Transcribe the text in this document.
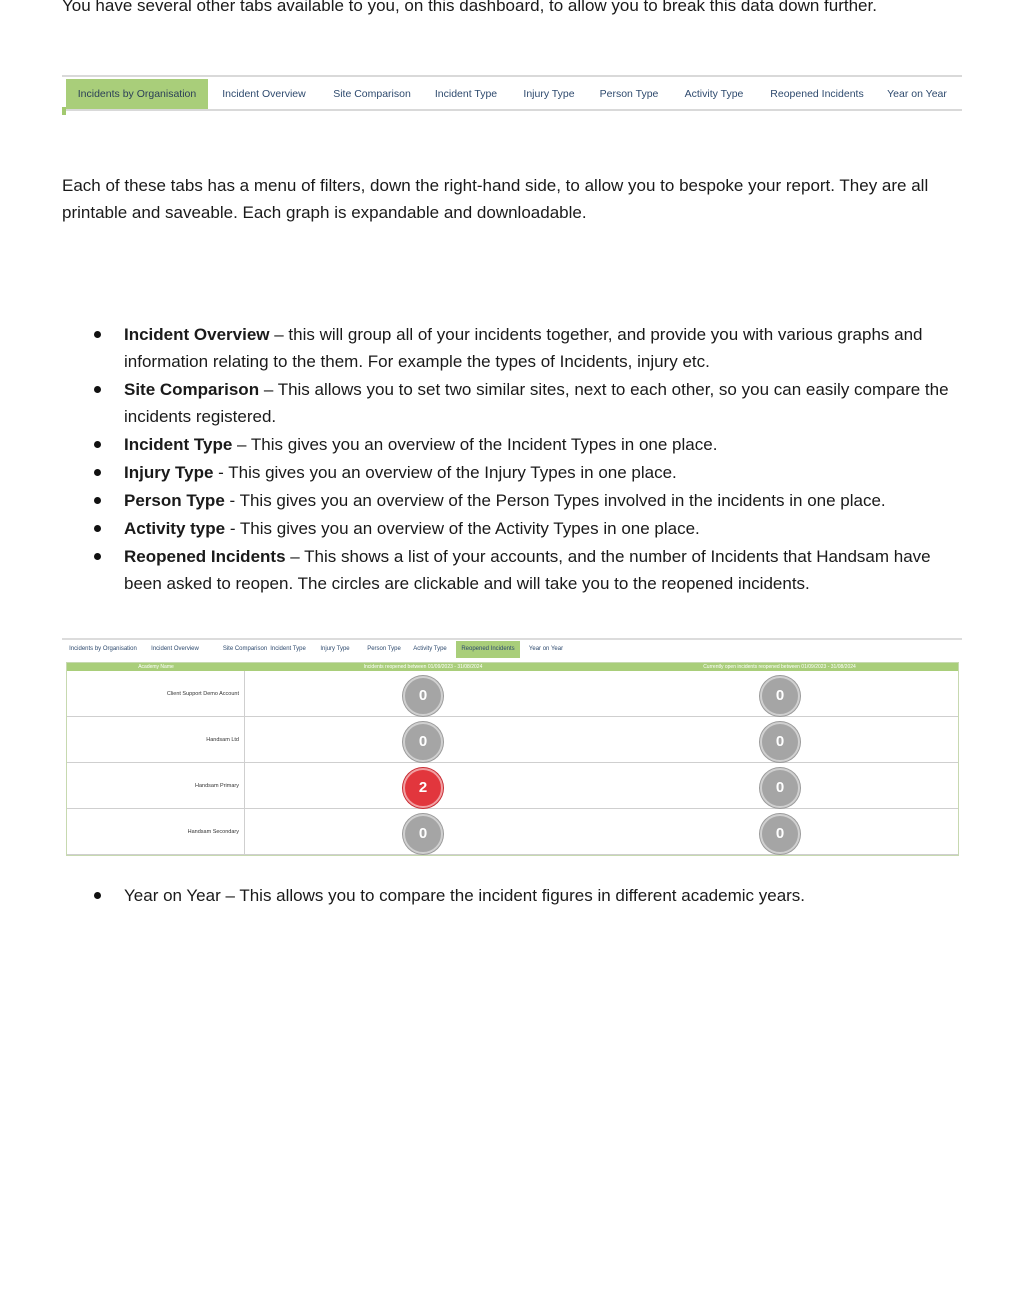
You have several other tabs available to you, on this dashboard, to allow you to break this data down further.

Incidents by Organisation	Incident Overview	Site Comparison	Incident Type	Injury Type	Person Type	Activity Type	Reopened Incidents	Year on Year

Each of these tabs has a menu of filters, down the right-hand side, to allow you to bespoke your report. They are all printable and saveable. Each graph is expandable and downloadable.

Incident Overview – this will group all of your incidents together, and provide you with various graphs and information relating to the them. For example the types of Incidents, injury etc.
Site Comparison – This allows you to set two similar sites, next to each other, so you can easily compare the incidents registered.
Incident Type – This gives you an overview of the Incident Types in one place.
Injury Type - This gives you an overview of the Injury Types in one place.
Person Type - This gives you an overview of the Person Types involved in the incidents in one place.
Activity type - This gives you an overview of the Activity Types in one place.
Reopened Incidents – This shows a list of your accounts, and the number of Incidents that Handsam have been asked to reopen. The circles are clickable and will take you to the reopened incidents.
Incidents by Organisation	Incident Overview	Site Comparison Incident Type	Injury Type	Person Type	Activity Type	Reopened Incidents	Year on Year
Academy Name	Incidents reopened between 01/09/2023 - 31/08/2024	Currently open incidents reopened between 01/09/2023 - 31/08/2024
Client Support Demo Account	0	0
Handsam Ltd	0	0
Handsam Primary	2	0
Handsam Secondary	0	0
Year on Year – This allows you to compare the incident figures in different academic years.
